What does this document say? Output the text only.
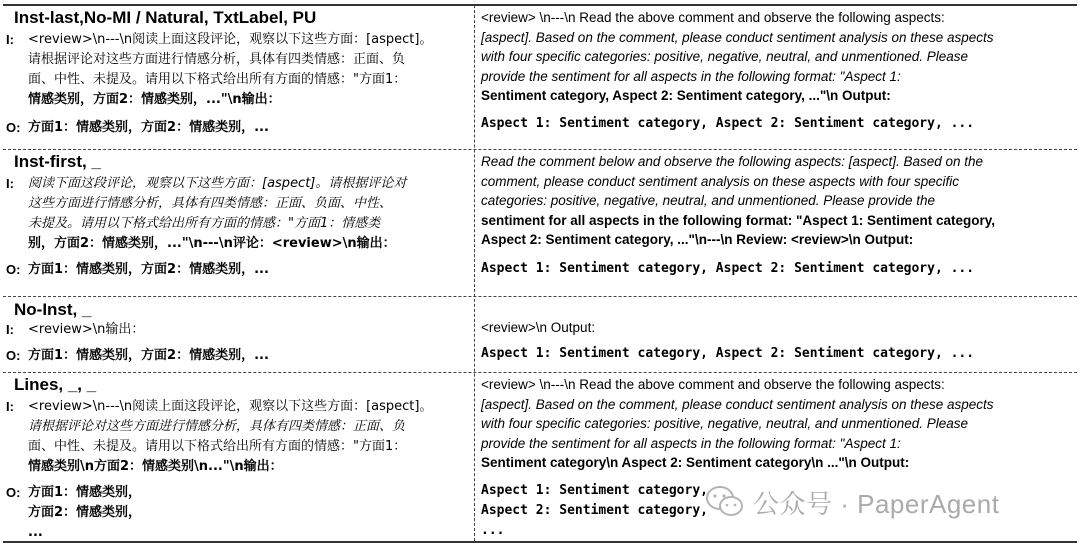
Inst-last,No-MI / Natural, TxtLabel, PU
I: <review>\n---\n阅读上面这段评论，观察以下这些方面：[aspect]。
请根据评论对这些方面进行情感分析，具体有四类情感：正面、负
面、中性、未提及。请用以下格式给出所有方面的情感："方面1：
情感类别，方面2：情感类别，..."\n输出：
O: 方面1：情感类别，方面2：情感类别，...
<review> \n---\n Read the above comment and observe the following aspects:
[aspect]. Based on the comment, please conduct sentiment analysis on these aspects
with four specific categories: positive, negative, neutral, and unmentioned. Please
provide the sentiment for all aspects in the following format: "Aspect 1:
Sentiment category, Aspect 2: Sentiment category, ..."\n Output:
Aspect 1: Sentiment category, Aspect 2: Sentiment category, ...
Inst-first, _
I: 阅读下面这段评论，观察以下这些方面：[aspect]。请根据评论对
这些方面进行情感分析，具体有四类情感：正面、负面、中性、
未提及。请用以下格式给出所有方面的情感："方面1：情感类
别，方面2：情感类别，..."\n---\n评论：<review>\n输出：
O: 方面1：情感类别，方面2：情感类别，...
Read the comment below and observe the following aspects: [aspect]. Based on the
comment, please conduct sentiment analysis on these aspects with four specific
categories: positive, negative, neutral, and unmentioned. Please provide the
sentiment for all aspects in the following format: "Aspect 1: Sentiment category,
Aspect 2: Sentiment category, ..."\n---\n Review: <review>\n Output:
Aspect 1: Sentiment category, Aspect 2: Sentiment category, ...
No-Inst, _
I: <review>\n输出：
O: 方面1：情感类别，方面2：情感类别，...
<review>\n Output:
Aspect 1: Sentiment category, Aspect 2: Sentiment category, ...
Lines, _, _
I: <review>\n---\n阅读上面这段评论，观察以下这些方面：[aspect]。
请根据评论对这些方面进行情感分析，具体有四类情感：正面、负
面、中性、未提及。请用以下格式给出所有方面的情感："方面1：
情感类别\n方面2：情感类别\n..."\n输出：
O: 方面1：情感类别，
方面2：情感类别，
...
<review> \n---\n Read the above comment and observe the following aspects:
[aspect]. Based on the comment, please conduct sentiment analysis on these aspects
with four specific categories: positive, negative, neutral, and unmentioned. Please
provide the sentiment for all aspects in the following format: "Aspect 1:
Sentiment category\n Aspect 2: Sentiment category\n ..."\n Output:
Aspect 1: Sentiment category,
Aspect 2: Sentiment category,
...
公众号 · PaperAgent
